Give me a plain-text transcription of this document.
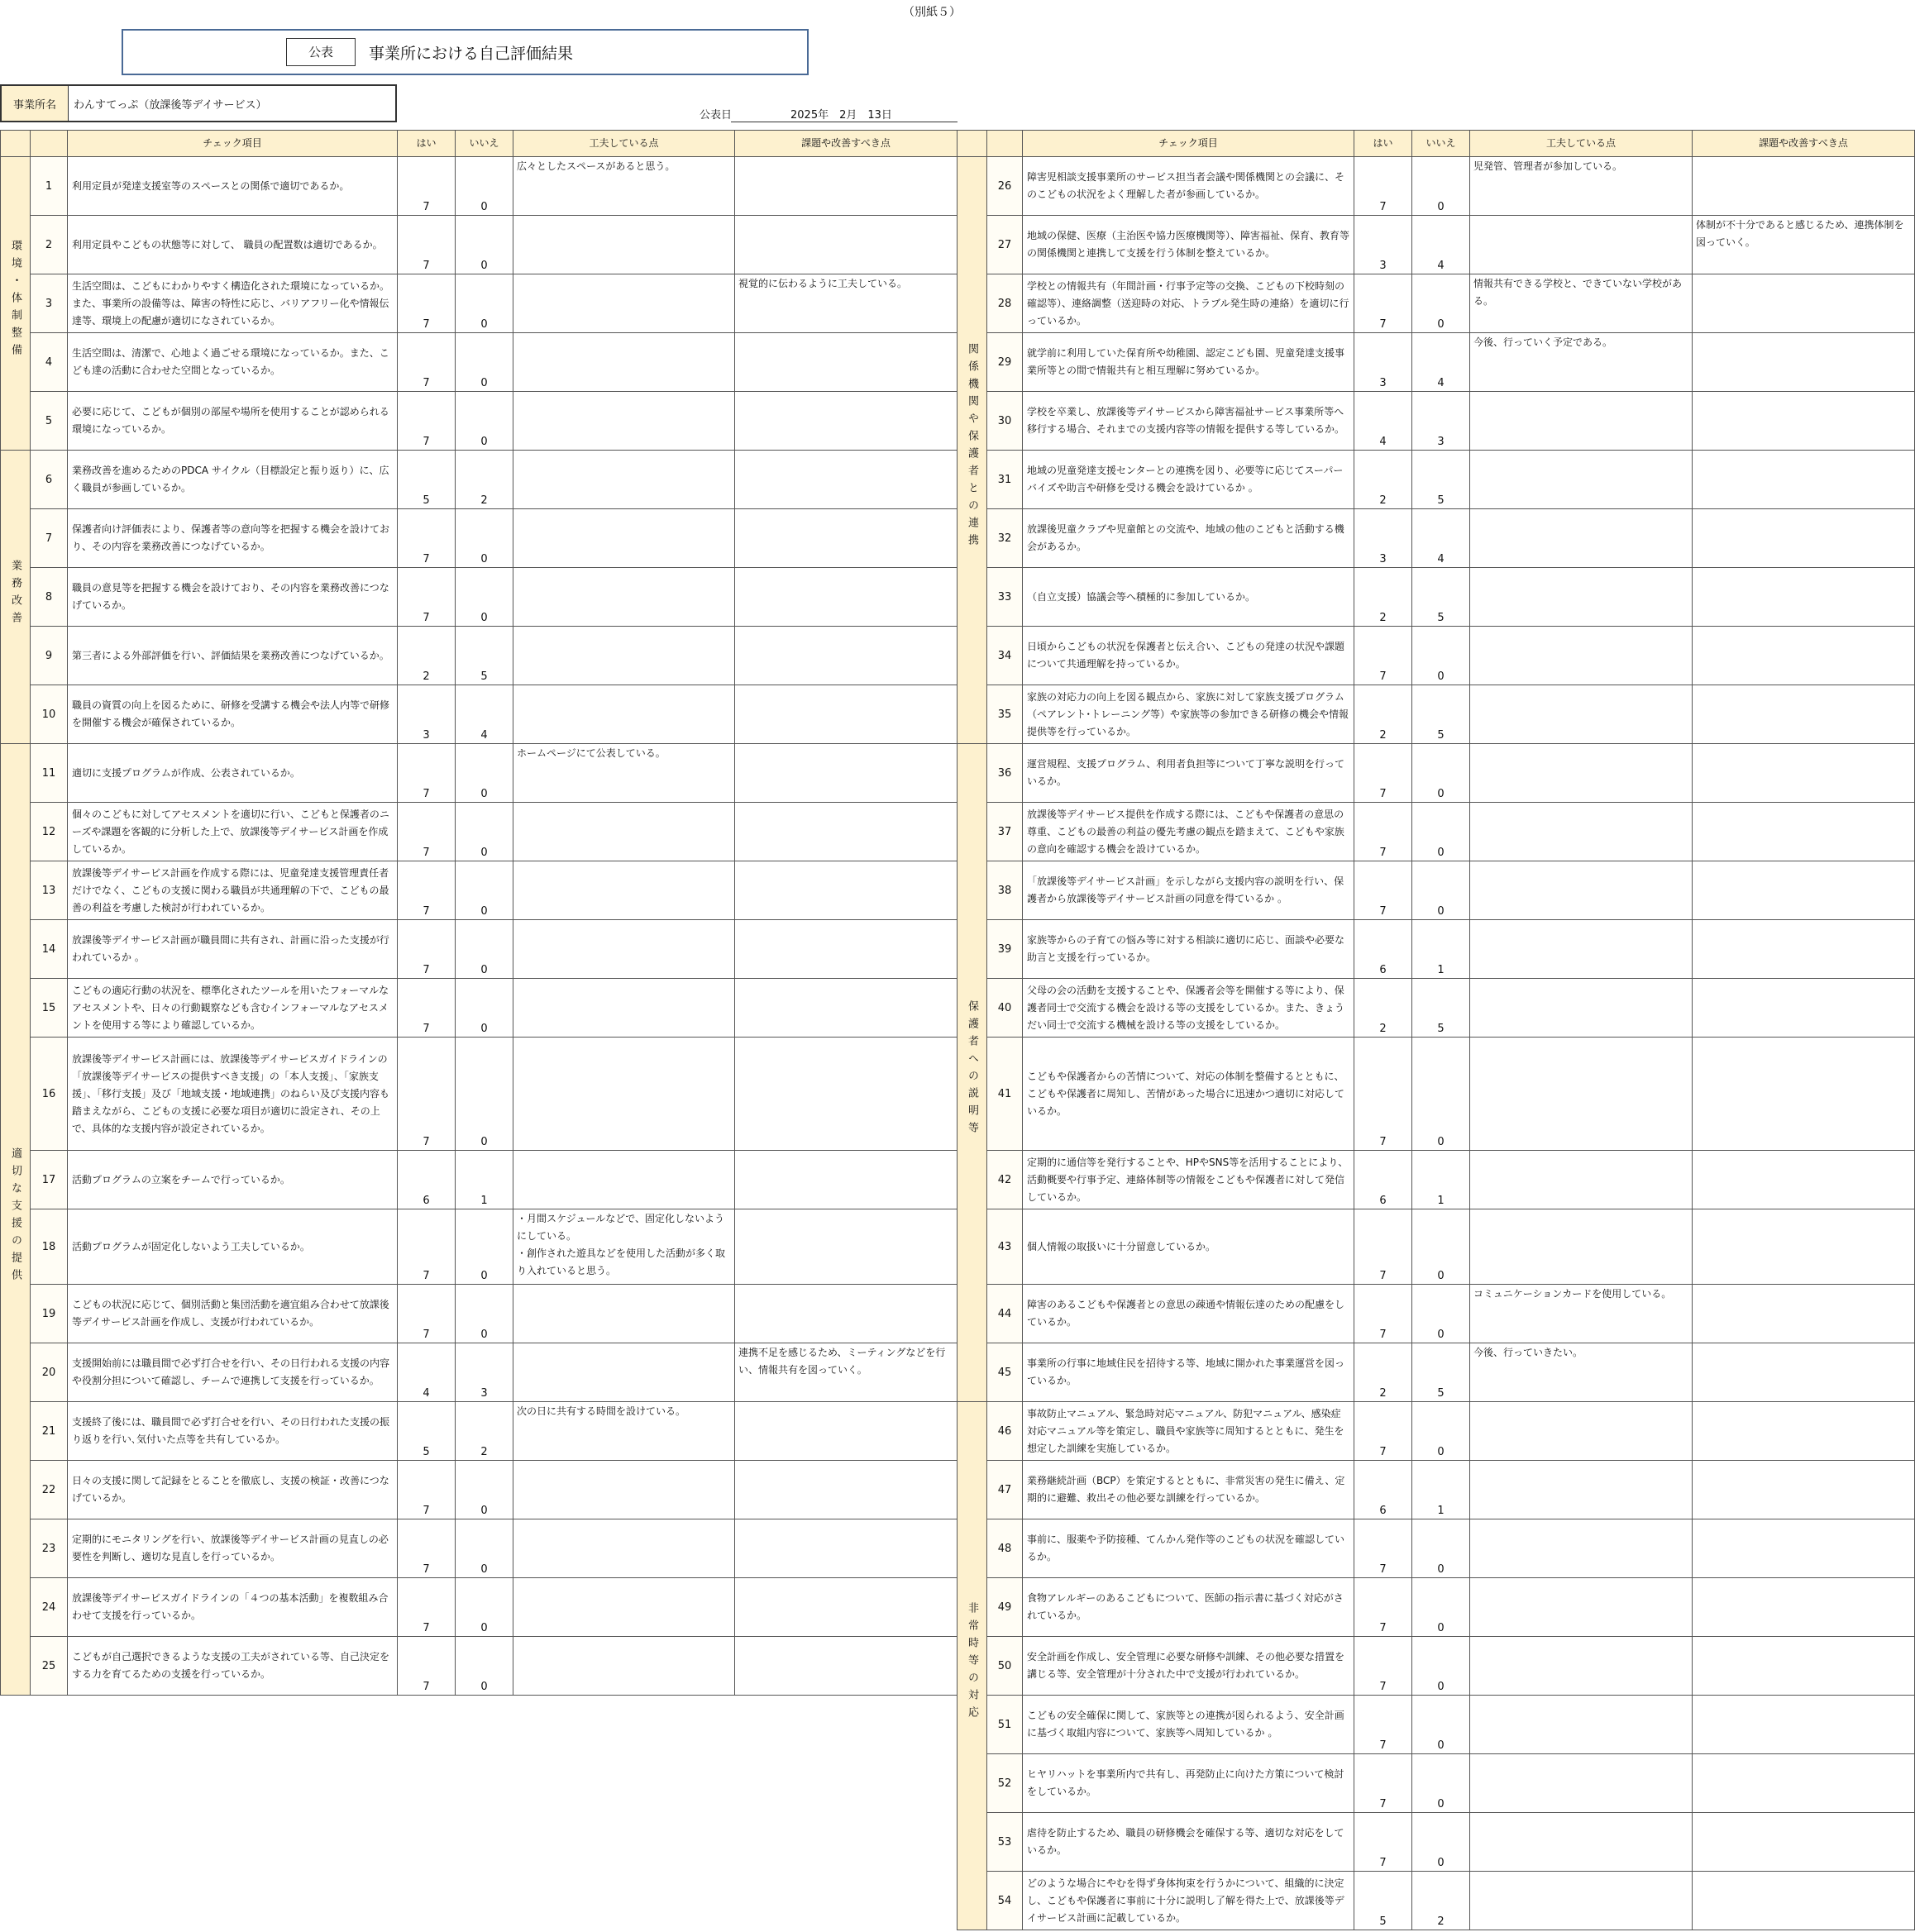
（別紙５）
公表	事業所における自己評価結果
事業所名	わんすてっぷ（放課後等デイサービス）
公表日	2025年　2月　13日
		チェック項目	はい	いいえ	工夫している点	課題や改善すべき点
環境・体制整備	1	利用定員が発達支援室等のスペースとの関係で適切であるか。	7	0	広々としたスペースがあると思う。	
	2	利用定員やこどもの状態等に対して、 職員の配置数は適切であるか。	7	0		
	3	生活空間は、こどもにわかりやすく構造化された環境になっているか。また、事業所の設備等は、障害の特性に応じ、バリアフリー化や情報伝達等、環境上の配慮が適切になされているか。	7	0		視覚的に伝わるように工夫している。
	4	生活空間は、清潔で、心地よく過ごせる環境になっているか。また、こども達の活動に合わせた空間となっているか。	7	0		
	5	必要に応じて、こどもが個別の部屋や場所を使用することが認められる環境になっているか。	7	0		
業務改善	6	業務改善を進めるためのPDCA サイクル（目標設定と振り返り）に、広く職員が参画しているか。	5	2		
	7	保護者向け評価表により、保護者等の意向等を把握する機会を設けており、その内容を業務改善につなげているか。	7	0		
	8	職員の意見等を把握する機会を設けており、その内容を業務改善につなげているか。	7	0		
	9	第三者による外部評価を行い、評価結果を業務改善につなげているか。	2	5		
	10	職員の資質の向上を図るために、研修を受講する機会や法人内等で研修を開催する機会が確保されているか。	3	4		
適切な支援の提供	11	適切に支援プログラムが作成、公表されているか。	7	0	ホームページにて公表している。	
	12	個々のこどもに対してアセスメントを適切に行い、こどもと保護者のニーズや課題を客観的に分析した上で、放課後等デイサービス計画を作成しているか。	7	0		
	13	放課後等デイサービス計画を作成する際には、児童発達支援管理責任者だけでなく、こどもの支援に関わる職員が共通理解の下で、こどもの最善の利益を考慮した検討が行われているか。	7	0		
	14	放課後等デイサービス計画が職員間に共有され、計画に沿った支援が行われているか 。	7	0		
	15	こどもの適応行動の状況を、標準化されたツールを用いたフォーマルなアセスメントや、日々の行動観察なども含むインフォーマルなアセスメントを使用する等により確認しているか。	7	0		
	16	放課後等デイサービス計画には、放課後等デイサービスガイドラインの「放課後等デイサービスの提供すべき支援」の「本人支援」、「家族支援」、「移行支援」及び「地域支援・地域連携」のねらい及び支援内容も踏まえながら、こどもの支援に必要な項目が適切に設定され、その上で、具体的な支援内容が設定されているか。	7	0		
	17	活動プログラムの立案をチームで行っているか。	6	1		
	18	活動プログラムが固定化しないよう工夫しているか。	7	0	・月間スケジュールなどで、固定化しないようにしている。
・創作された遊具などを使用した活動が多く取り入れていると思う。	
	19	こどもの状況に応じて、個別活動と集団活動を適宜組み合わせて放課後等デイサービス計画を作成し、支援が行われているか。	7	0		
	20	支援開始前には職員間で必ず打合せを行い、その日行われる支援の内容や役割分担について確認し、チームで連携して支援を行っているか。	4	3		連携不足を感じるため、ミーティングなどを行い、情報共有を図っていく。
	21	支援終了後には、職員間で必ず打合せを行い、その日行われた支援の振り返りを行い､気付いた点等を共有しているか。	5	2	次の日に共有する時間を設けている。	
	22	日々の支援に関して記録をとることを徹底し、支援の検証・改善につなげているか。	7	0		
	23	定期的にモニタリングを行い、放課後等デイサービス計画の見直しの必要性を判断し、適切な見直しを行っているか。	7	0		
	24	放課後等デイサービスガイドラインの「４つの基本活動」を複数組み合わせて支援を行っているか。	7	0		
	25	こどもが自己選択できるような支援の工夫がされている等、自己決定をする力を育てるための支援を行っているか。	7	0		
		チェック項目	はい	いいえ	工夫している点	課題や改善すべき点
関係機関や保護者との連携	26	障害児相談支援事業所のサービス担当者会議や関係機関との会議に、そのこどもの状況をよく理解した者が参画しているか。	7	0	児発管、管理者が参加している。	
	27	地域の保健、医療（主治医や協力医療機関等）、障害福祉、保育、教育等の関係機関と連携して支援を行う体制を整えているか。	3	4		体制が不十分であると感じるため、連携体制を図っていく。
	28	学校との情報共有（年間計画・行事予定等の交換、こどもの下校時刻の確認等）、連絡調整（送迎時の対応、トラブル発生時の連絡）を適切に行っているか。	7	0	情報共有できる学校と、できていない学校がある。	
	29	就学前に利用していた保育所や幼稚園、認定こども園、児童発達支援事業所等との間で情報共有と相互理解に努めているか。	3	4	今後、行っていく予定である。	
	30	学校を卒業し、放課後等デイサービスから障害福祉サービス事業所等へ移行する場合、それまでの支援内容等の情報を提供する等しているか。	4	3		
	31	地域の児童発達支援センターとの連携を図り、必要等に応じてスーパーバイズや助言や研修を受ける機会を設けているか 。	2	5		
	32	放課後児童クラブや児童館との交流や、地域の他のこどもと活動する機会があるか。	3	4		
	33	（自立支援）協議会等へ積極的に参加しているか。	2	5		
	34	日頃からこどもの状況を保護者と伝え合い、こどもの発達の状況や課題について共通理解を持っているか。	7	0		
	35	家族の対応力の向上を図る観点から、家族に対して家族支援プログラム（ペアレント･トレーニング等）や家族等の参加できる研修の機会や情報提供等を行っているか。	2	5		
保護者への説明等	36	運営規程、支援プログラム、利用者負担等について丁寧な説明を行っているか。	7	0		
	37	放課後等デイサービス提供を作成する際には、こどもや保護者の意思の尊重、こどもの最善の利益の優先考慮の観点を踏まえて、こどもや家族の意向を確認する機会を設けているか。	7	0		
	38	「放課後等デイサービス計画」を示しながら支援内容の説明を行い、保護者から放課後等デイサービス計画の同意を得ているか 。	7	0		
	39	家族等からの子育ての悩み等に対する相談に適切に応じ、面談や必要な助言と支援を行っているか。	6	1		
	40	父母の会の活動を支援することや、保護者会等を開催する等により、保護者同士で交流する機会を設ける等の支援をしているか。また、きょうだい同士で交流する機械を設ける等の支援をしているか。	2	5		
	41	こどもや保護者からの苦情について、対応の体制を整備するとともに、こどもや保護者に周知し、苦情があった場合に迅速かつ適切に対応しているか。	7	0		
	42	定期的に通信等を発行することや、HPやSNS等を活用することにより、活動概要や行事予定、連絡体制等の情報をこどもや保護者に対して発信しているか。	6	1		
	43	個人情報の取扱いに十分留意しているか。	7	0		
	44	障害のあるこどもや保護者との意思の疎通や情報伝達のための配慮をしているか。	7	0	コミュニケーションカードを使用している。	
	45	事業所の行事に地域住民を招待する等、地域に開かれた事業運営を図っているか。	2	5	今後、行っていきたい。	
非常時等の対応	46	事故防止マニュアル、緊急時対応マニュアル、防犯マニュアル、感染症対応マニュアル等を策定し、職員や家族等に周知するとともに、発生を想定した訓練を実施しているか。	7	0		
	47	業務継続計画（BCP）を策定するとともに、非常災害の発生に備え、定期的に避難、救出その他必要な訓練を行っているか。	6	1		
	48	事前に、服薬や予防接種、てんかん発作等のこどもの状況を確認しているか。	7	0		
	49	食物アレルギーのあるこどもについて、医師の指示書に基づく対応がされているか。	7	0		
	50	安全計画を作成し、安全管理に必要な研修や訓練、その他必要な措置を講じる等、安全管理が十分された中で支援が行われているか。	7	0		
	51	こどもの安全確保に関して、家族等との連携が図られるよう、安全計画に基づく取組内容について、家族等へ周知しているか 。	7	0		
	52	ヒヤリハットを事業所内で共有し、再発防止に向けた方策について検討をしているか。	7	0		
	53	虐待を防止するため、職員の研修機会を確保する等、適切な対応をしているか。	7	0		
	54	どのような場合にやむを得ず身体拘束を行うかについて、組織的に決定し、こどもや保護者に事前に十分に説明し了解を得た上で、放課後等デイサービス計画に記載しているか。	5	2		
